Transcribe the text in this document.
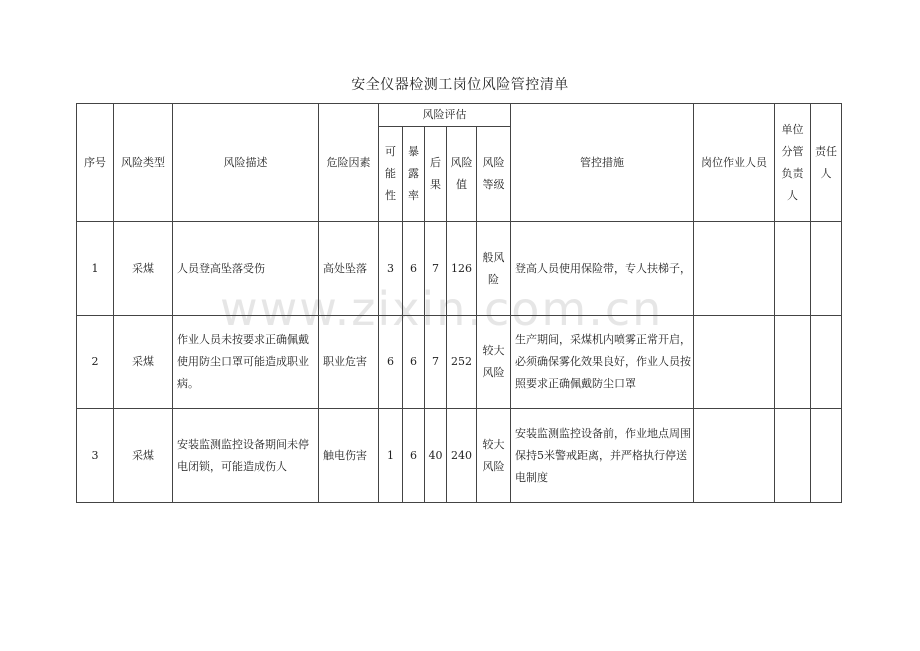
安全仪器检测工岗位风险管控清单
www.zixin.com.cn
序号	风险类型	风险描述	危险因素	风险评估					管控措施	岗位作业人员	单位分管负责人	责任人
				可能性	暴露率	后果	风险值	风险等级				
1	采煤	人员登高坠落受伤	高处坠落	3	6	7	126	般风险	登高人员使用保险带，专人扶梯子，			
2	采煤	作业人员未按要求正确佩戴使用防尘口罩可能造成职业病。	职业危害	6	6	7	252	较大风险	生产期间，采煤机内喷雾正常开启，必须确保雾化效果良好，作业人员按照要求正确佩戴防尘口罩			
3	采煤	安装监测监控设备期间未停电闭锁，可能造成伤人	触电伤害	1	6	40	240	较大风险	安装监测监控设备前，作业地点周围保持5米警戒距离，并严格执行停送电制度			
